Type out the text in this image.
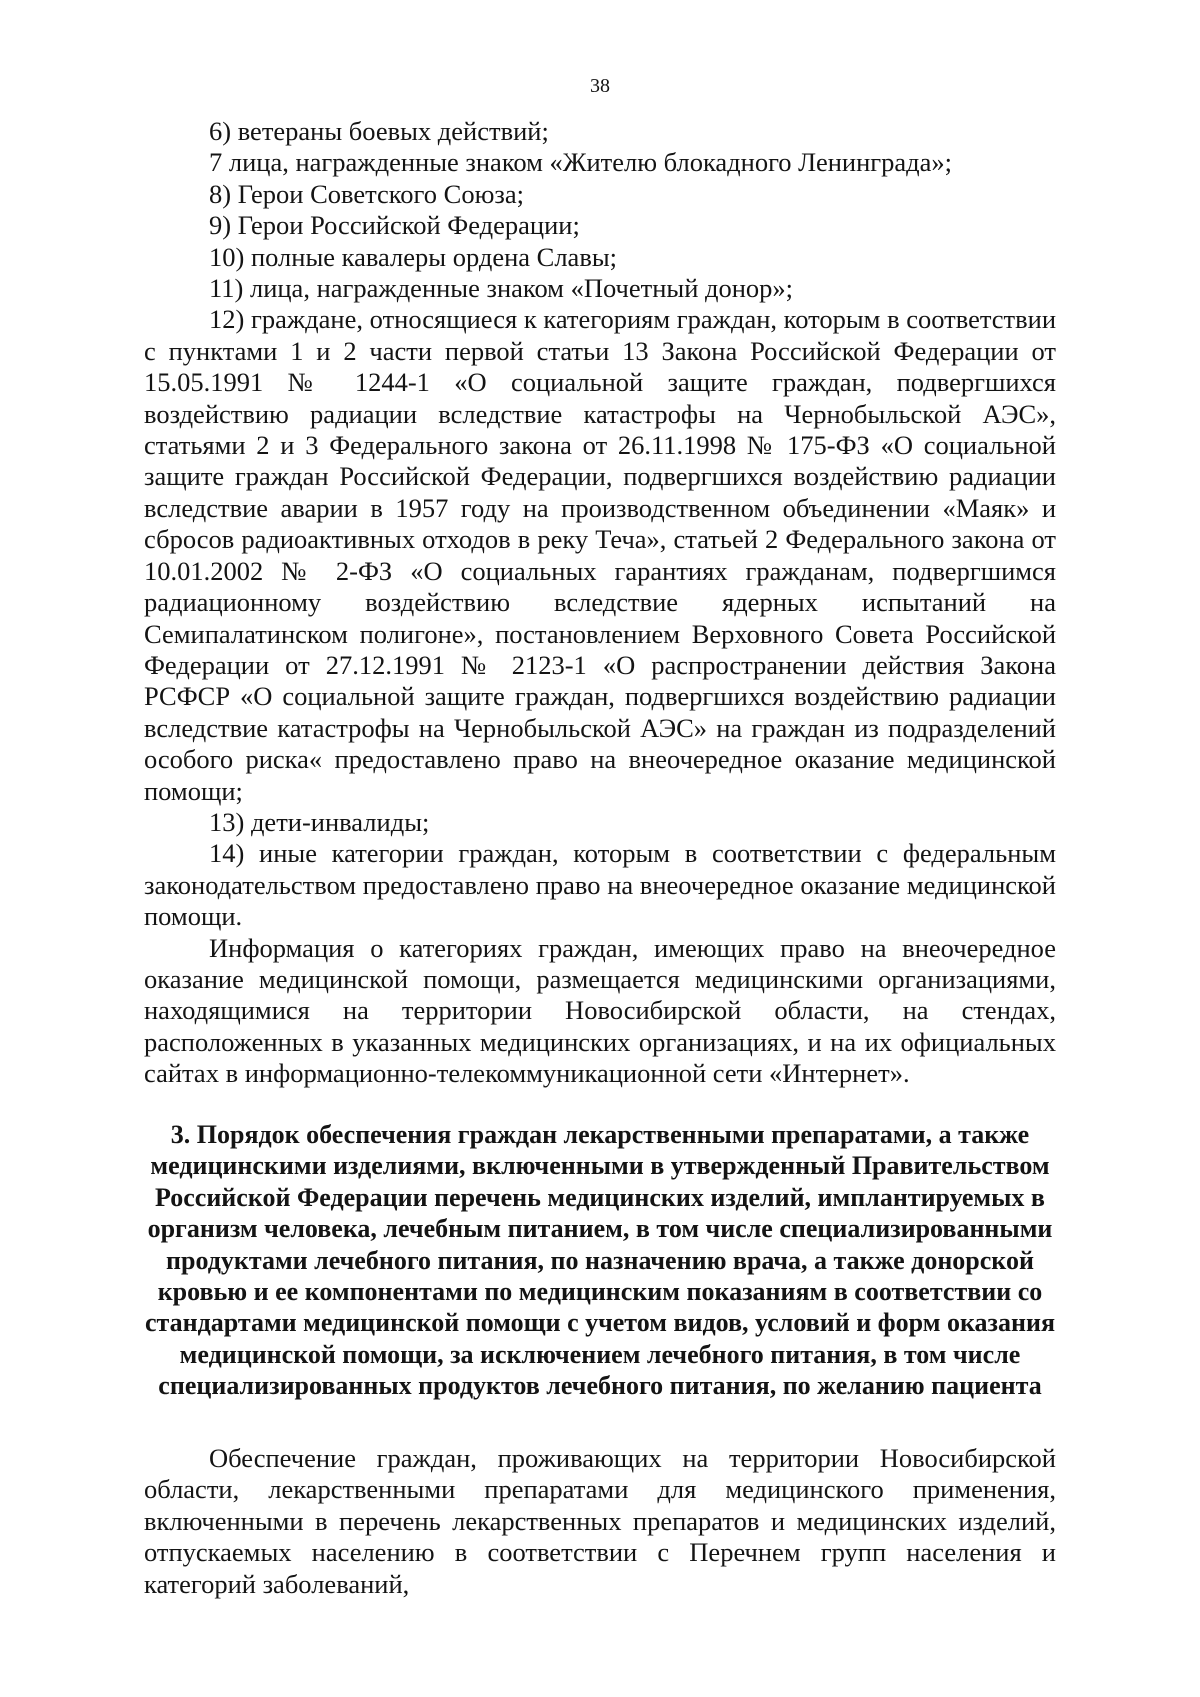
38

6) ветераны боевых действий;

7 лица, награжденные знаком «Жителю блокадного Ленинграда»;

8) Герои Советского Союза;

9) Герои Российской Федерации;

10) полные кавалеры ордена Славы;

11) лица, награжденные знаком «Почетный донор»;

12) граждане, относящиеся к категориям граждан, которым в соответствии с пунктами 1 и 2 части первой статьи 13 Закона Российской Федерации от 15.05.1991 № 1244-1 «О социальной защите граждан, подвергшихся воздействию радиации вследствие катастрофы на Чернобыльской АЭС», статьями 2 и 3 Федерального закона от 26.11.1998 № 175-ФЗ «О социальной защите граждан Российской Федерации, подвергшихся воздействию радиации вследствие аварии в 1957 году на производственном объединении «Маяк» и сбросов радиоактивных отходов в реку Теча», статьей 2 Федерального закона от 10.01.2002 № 2-ФЗ «О социальных гарантиях гражданам, подвергшимся радиационному воздействию вследствие ядерных испытаний на Семипалатинском полигоне», постановлением Верховного Совета Российской Федерации от 27.12.1991 № 2123-1 «О распространении действия Закона РСФСР «О социальной защите граждан, подвергшихся воздействию радиации вследствие катастрофы на Чернобыльской АЭС» на граждан из подразделений особого риска« предоставлено право на внеочередное оказание медицинской помощи;

13) дети-инвалиды;

14) иные категории граждан, которым в соответствии с федеральным законодательством предоставлено право на внеочередное оказание медицинской помощи.

Информация о категориях граждан, имеющих право на внеочередное оказание медицинской помощи, размещается медицинскими организациями, находящимися на территории Новосибирской области, на стендах, расположенных в указанных медицинских организациях, и на их официальных сайтах в информационно-телекоммуникационной сети «Интернет».

3. Порядок обеспечения граждан лекарственными препаратами, а также
медицинскими изделиями, включенными в утвержденный Правительством
Российской Федерации перечень медицинских изделий, имплантируемых в
организм человека, лечебным питанием, в том числе специализированными
продуктами лечебного питания, по назначению врача, а также донорской
кровью и ее компонентами по медицинским показаниям в соответствии со
стандартами медицинской помощи с учетом видов, условий и форм оказания
медицинской помощи, за исключением лечебного питания, в том числе
специализированных продуктов лечебного питания, по желанию пациента

Обеспечение граждан, проживающих на территории Новосибирской области, лекарственными препаратами для медицинского применения, включенными в перечень лекарственных препаратов и медицинских изделий, отпускаемых населению в соответствии с Перечнем групп населения и категорий заболеваний,
